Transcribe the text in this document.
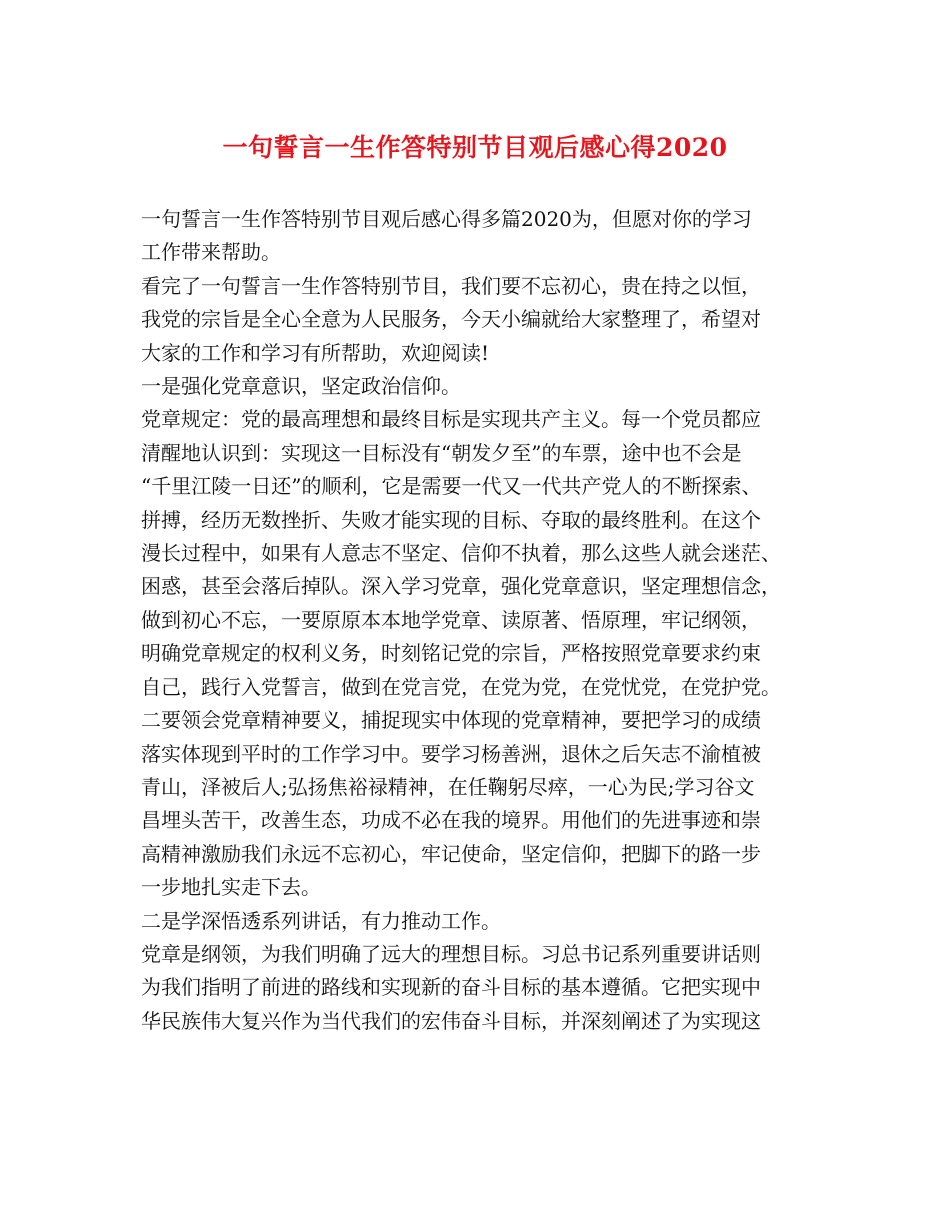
一句誓言一生作答特别节目观后感心得2020

一句誓言一生作答特别节目观后感心得多篇2020为，但愿对你的学习

工作带来帮助。

看完了一句誓言一生作答特别节目，我们要不忘初心，贵在持之以恒，

我党的宗旨是全心全意为人民服务，今天小编就给大家整理了，希望对

大家的工作和学习有所帮助，欢迎阅读!

一是强化党章意识，坚定政治信仰。

党章规定：党的最高理想和最终目标是实现共产主义。每一个党员都应

清醒地认识到：实现这一目标没有“朝发夕至”的车票，途中也不会是

“千里江陵一日还”的顺利，它是需要一代又一代共产党人的不断探索、

拼搏，经历无数挫折、失败才能实现的目标、夺取的最终胜利。在这个

漫长过程中，如果有人意志不坚定、信仰不执着，那么这些人就会迷茫、

困惑，甚至会落后掉队。深入学习党章，强化党章意识，坚定理想信念，

做到初心不忘，一要原原本本地学党章、读原著、悟原理，牢记纲领，

明确党章规定的权利义务，时刻铭记党的宗旨，严格按照党章要求约束

自己，践行入党誓言，做到在党言党，在党为党，在党忧党，在党护党。

二要领会党章精神要义，捕捉现实中体现的党章精神，要把学习的成绩

落实体现到平时的工作学习中。要学习杨善洲，退休之后矢志不渝植被

青山，泽被后人;弘扬焦裕禄精神，在任鞠躬尽瘁，一心为民;学习谷文

昌埋头苦干，改善生态，功成不必在我的境界。用他们的先进事迹和崇

高精神激励我们永远不忘初心，牢记使命，坚定信仰，把脚下的路一步

一步地扎实走下去。

二是学深悟透系列讲话，有力推动工作。

党章是纲领，为我们明确了远大的理想目标。习总书记系列重要讲话则

为我们指明了前进的路线和实现新的奋斗目标的基本遵循。它把实现中

华民族伟大复兴作为当代我们的宏伟奋斗目标，并深刻阐述了为实现这
